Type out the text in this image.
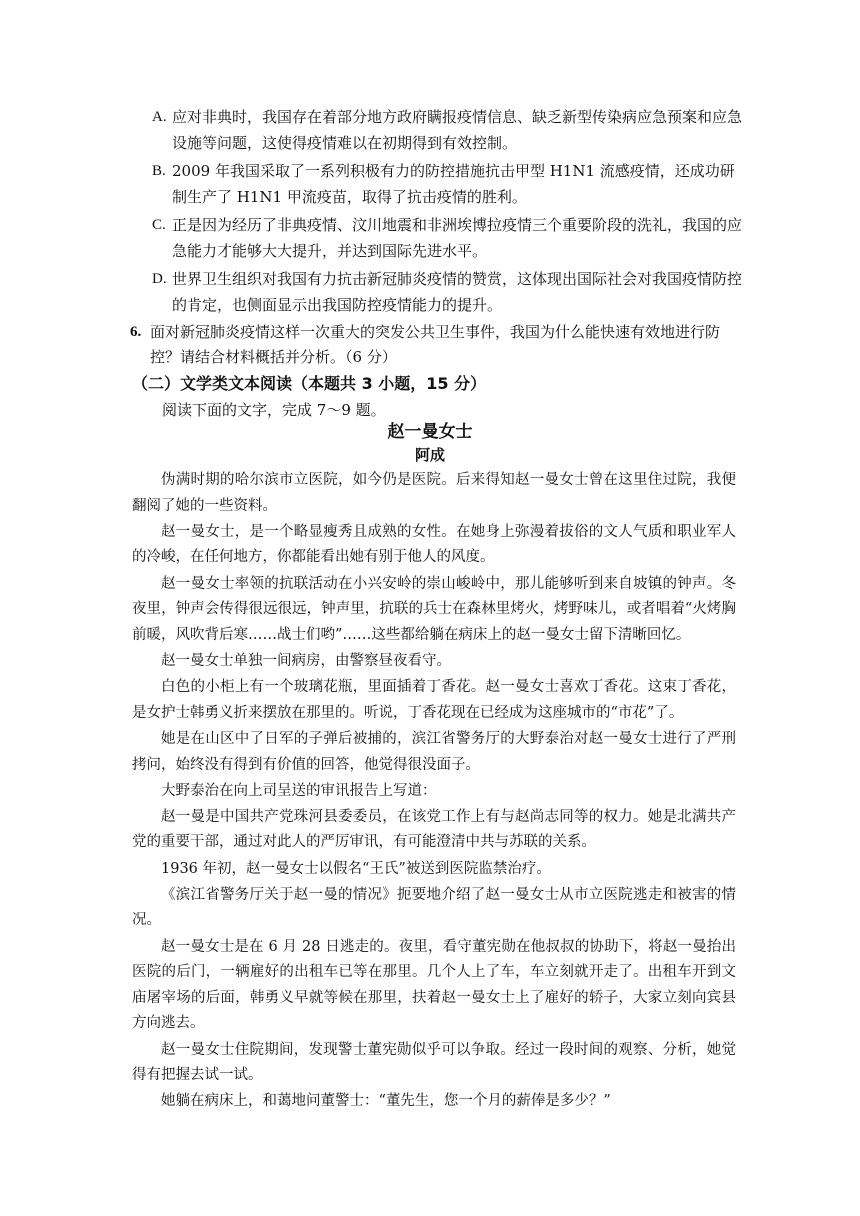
A. 应对非典时，我国存在着部分地方政府瞒报疫情信息、缺乏新型传染病应急预案和应急设施等问题，这使得疫情难以在初期得到有效控制。
B. 2009 年我国采取了一系列积极有力的防控措施抗击甲型 H1N1 流感疫情，还成功研制生产了 H1N1 甲流疫苗，取得了抗击疫情的胜利。
C. 正是因为经历了非典疫情、汶川地震和非洲埃博拉疫情三个重要阶段的洗礼，我国的应急能力才能够大大提升，并达到国际先进水平。
D. 世界卫生组织对我国有力抗击新冠肺炎疫情的赞赏，这体现出国际社会对我国疫情防控的肯定，也侧面显示出我国防控疫情能力的提升。
6. 面对新冠肺炎疫情这样一次重大的突发公共卫生事件，我国为什么能快速有效地进行防控？请结合材料概括并分析。（6 分）
（二）文学类文本阅读（本题共 3 小题，15 分）
阅读下面的文字，完成 7～9 题。
赵一曼女士
阿成

伪满时期的哈尔滨市立医院，如今仍是医院。后来得知赵一曼女士曾在这里住过院，我便翻阅了她的一些资料。

赵一曼女士，是一个略显瘦秀且成熟的女性。在她身上弥漫着拔俗的文人气质和职业军人的冷峻，在任何地方，你都能看出她有别于他人的风度。

赵一曼女士率领的抗联活动在小兴安岭的崇山峻岭中，那儿能够听到来自坡镇的钟声。冬夜里，钟声会传得很远很远，钟声里，抗联的兵士在森林里烤火，烤野味儿，或者唱着“火烤胸前暖，风吹背后寒……战士们哟”……这些都给躺在病床上的赵一曼女士留下清晰回忆。

赵一曼女士单独一间病房，由警察昼夜看守。

白色的小柜上有一个玻璃花瓶，里面插着丁香花。赵一曼女士喜欢丁香花。这束丁香花，是女护士韩勇义折来摆放在那里的。听说，丁香花现在已经成为这座城市的“市花”了。

她是在山区中了日军的子弹后被捕的，滨江省警务厅的大野泰治对赵一曼女士进行了严刑拷问，始终没有得到有价值的回答，他觉得很没面子。

大野泰治在向上司呈送的审讯报告上写道：

赵一曼是中国共产党珠河县委委员，在该党工作上有与赵尚志同等的权力。她是北满共产党的重要干部，通过对此人的严厉审讯，有可能澄清中共与苏联的关系。

1936 年初，赵一曼女士以假名“王氏”被送到医院监禁治疗。

《滨江省警务厅关于赵一曼的情况》扼要地介绍了赵一曼女士从市立医院逃走和被害的情况。

赵一曼女士是在 6 月 28 日逃走的。夜里，看守董宪勋在他叔叔的协助下，将赵一曼抬出医院的后门，一辆雇好的出租车已等在那里。几个人上了车，车立刻就开走了。出租车开到文庙屠宰场的后面，韩勇义早就等候在那里，扶着赵一曼女士上了雇好的轿子，大家立刻向宾县方向逃去。

赵一曼女士住院期间，发现警士董宪勋似乎可以争取。经过一段时间的观察、分析，她觉得有把握去试一试。

她躺在病床上，和蔼地问董警士：“董先生，您一个月的薪俸是多少？”
